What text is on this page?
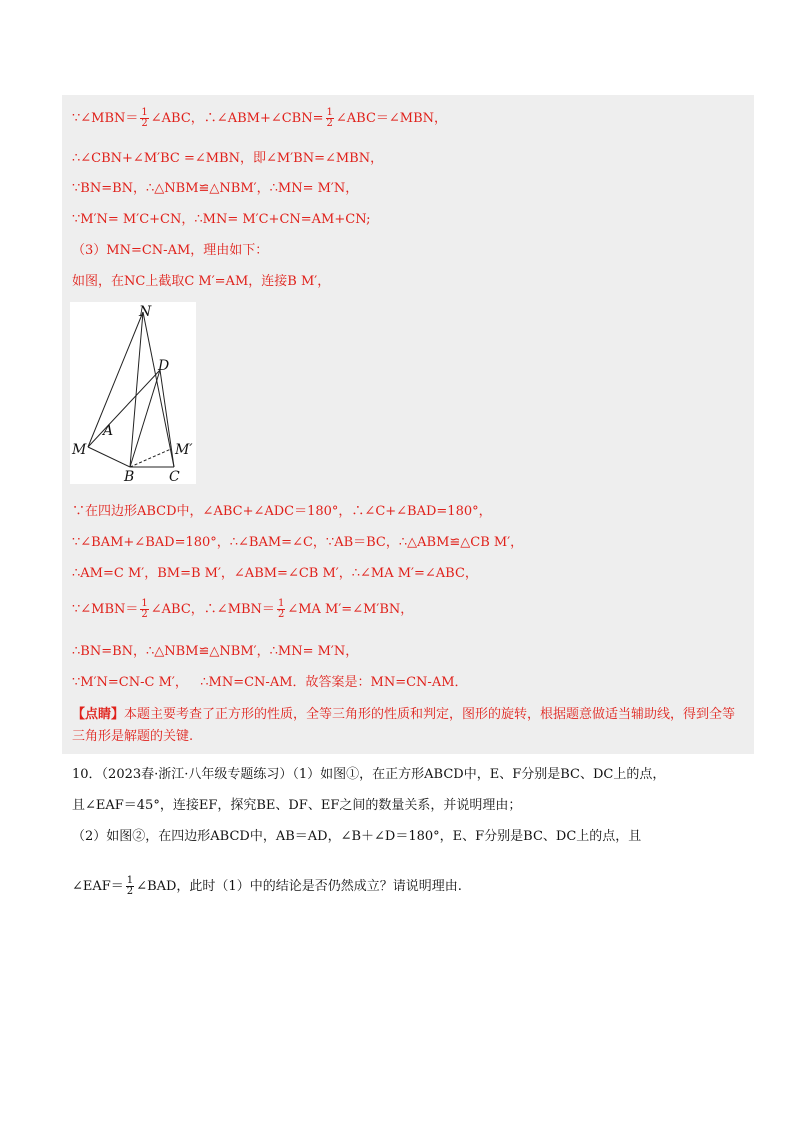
∵∠MBN＝ $\frac{1}{2}$ ∠ABC，∴∠ABM+∠CBN= $\frac{1}{2}$ ∠ABC＝∠MBN，
∴∠CBN+∠M′BC =∠MBN，即∠M′BN=∠MBN，
∵BN=BN，∴△NBM≌△NBM′，∴MN= M′N，
∵M′N= M′C+CN，∴MN= M′C+CN=AM+CN;
（3）MN=CN-AM，理由如下：
如图，在NC上截取C M′=AM，连接B M′，
N
D
A
M	M′
B C
∵在四边形ABCD中，∠ABC+∠ADC＝180°，∴∠C+∠BAD=180°，
∵∠BAM+∠BAD=180°，∴∠BAM=∠C，∵AB＝BC，∴△ABM≌△CB M′，
∴AM=C M′，BM=B M′，∠ABM=∠CB M′，∴∠MA M′=∠ABC，
∵∠MBN＝ $\frac{1}{2}$ ∠ABC，∴∠MBN＝ $\frac{1}{2}$ ∠MA M′=∠M′BN，
∴BN=BN，∴△NBM≌△NBM′，∴MN= M′N，
∵M′N=CN-C M′， ∴MN=CN-AM．故答案是：MN=CN-AM．
【点睛】本题主要考查了正方形的性质，全等三角形的性质和判定，图形的旋转，根据题意做适当辅助线，得到全等三角形是解题的关键.
10．（2023春·浙江·八年级专题练习）（1）如图①，在正方形ABCD中，E、F分别是BC、DC上的点，
且∠EAF＝45°，连接EF，探究BE、DF、EF之间的数量关系，并说明理由；
（2）如图②，在四边形ABCD中，AB＝AD，∠B＋∠D＝180°，E、F分别是BC、DC上的点，且
∠EAF＝ $\frac{1}{2}$ ∠BAD，此时（1）中的结论是否仍然成立？请说明理由.
